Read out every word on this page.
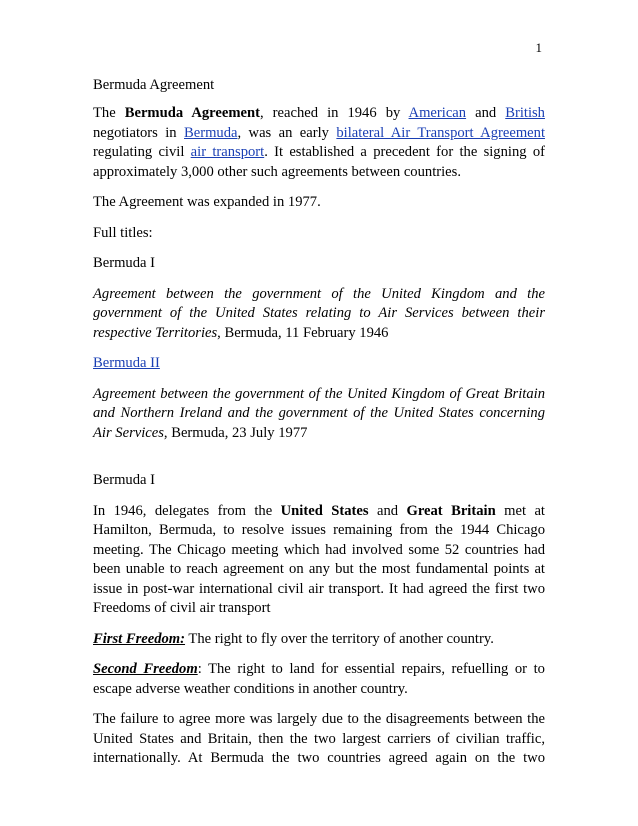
1
Bermuda Agreement

The Bermuda Agreement, reached in 1946 by American and British negotiators in Bermuda, was an early bilateral Air Transport Agreement regulating civil air transport. It established a precedent for the signing of approximately 3,000 other such agreements between countries.

The Agreement was expanded in 1977.

Full titles:

Bermuda I

Agreement between the government of the United Kingdom and the government of the United States relating to Air Services between their respective Territories, Bermuda, 11 February 1946

Bermuda II

Agreement between the government of the United Kingdom of Great Britain and Northern Ireland and the government of the United States concerning Air Services, Bermuda, 23 July 1977

Bermuda I

In 1946, delegates from the United States and Great Britain met at Hamilton, Bermuda, to resolve issues remaining from the 1944 Chicago meeting. The Chicago meeting which had involved some 52 countries had been unable to reach agreement on any but the most fundamental points at issue in post-war international civil air transport. It had agreed the first two Freedoms of civil air transport

First Freedom: The right to fly over the territory of another country.

Second Freedom: The right to land for essential repairs, refuelling or to escape adverse weather conditions in another country.

The failure to agree more was largely due to the disagreements between the United States and Britain, then the two largest carriers of civilian traffic, internationally. At Bermuda the two countries agreed again on the two
